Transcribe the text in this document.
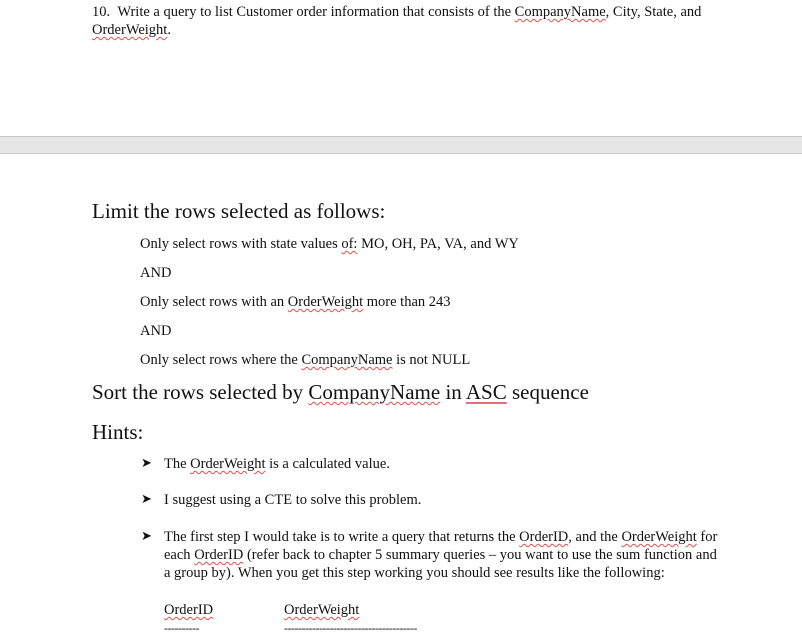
10. Write a query to list Customer order information that consists of the CompanyName, City, State, and
OrderWeight.
Limit the rows selected as follows:
Only select rows with state values of: MO, OH, PA, VA, and WY
AND
Only select rows with an OrderWeight more than 243
AND
Only select rows where the CompanyName is not NULL
Sort the rows selected by CompanyName in ASC sequence
Hints:
➤ The OrderWeight is a calculated value.
➤ I suggest using a CTE to solve this problem.
➤ The first step I would take is to write a query that returns the OrderID, and the OrderWeight for each OrderID (refer back to chapter 5 summary queries – you want to use the sum function and a group by). When you get this step working you should see results like the following:
OrderID	OrderWeight
----------	--------------------------------------
